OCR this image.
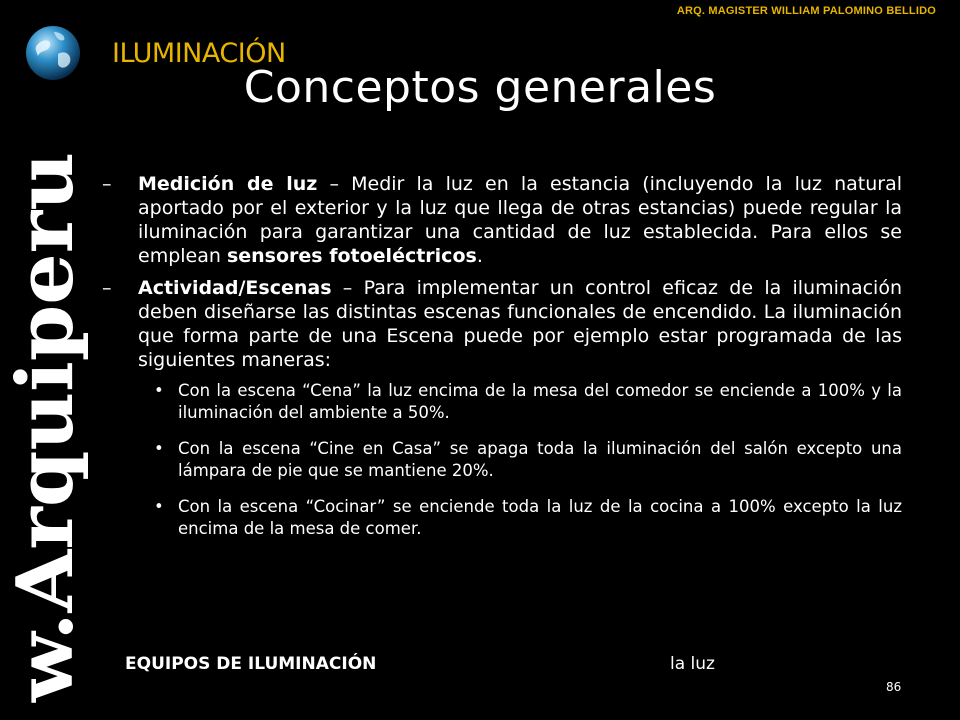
ARQ. MAGISTER WILLIAM PALOMINO BELLIDO
ILUMINACIÓN
Conceptos generales
w.Arquiperu – Medición de luz – Medir la luz en la estancia (incluyendo la luz natural aportado por el exterior y la luz que llega de otras estancias) puede regular la iluminación para garantizar una cantidad de luz establecida. Para ellos se emplean sensores fotoeléctricos.
– Actividad/Escenas – Para implementar un control eficaz de la iluminación deben diseñarse las distintas escenas funcionales de encendido. La iluminación que forma parte de una Escena puede por ejemplo estar programada de las siguientes maneras:
• Con la escena “Cena” la luz encima de la mesa del comedor se enciende a 100% y la iluminación del ambiente a 50%.
• Con la escena “Cine en Casa” se apaga toda la iluminación del salón excepto una lámpara de pie que se mantiene 20%.
• Con la escena “Cocinar” se enciende toda la luz de la cocina a 100% excepto la luz encima de la mesa de comer.
EQUIPOS DE ILUMINACIÓN	la luz
86
